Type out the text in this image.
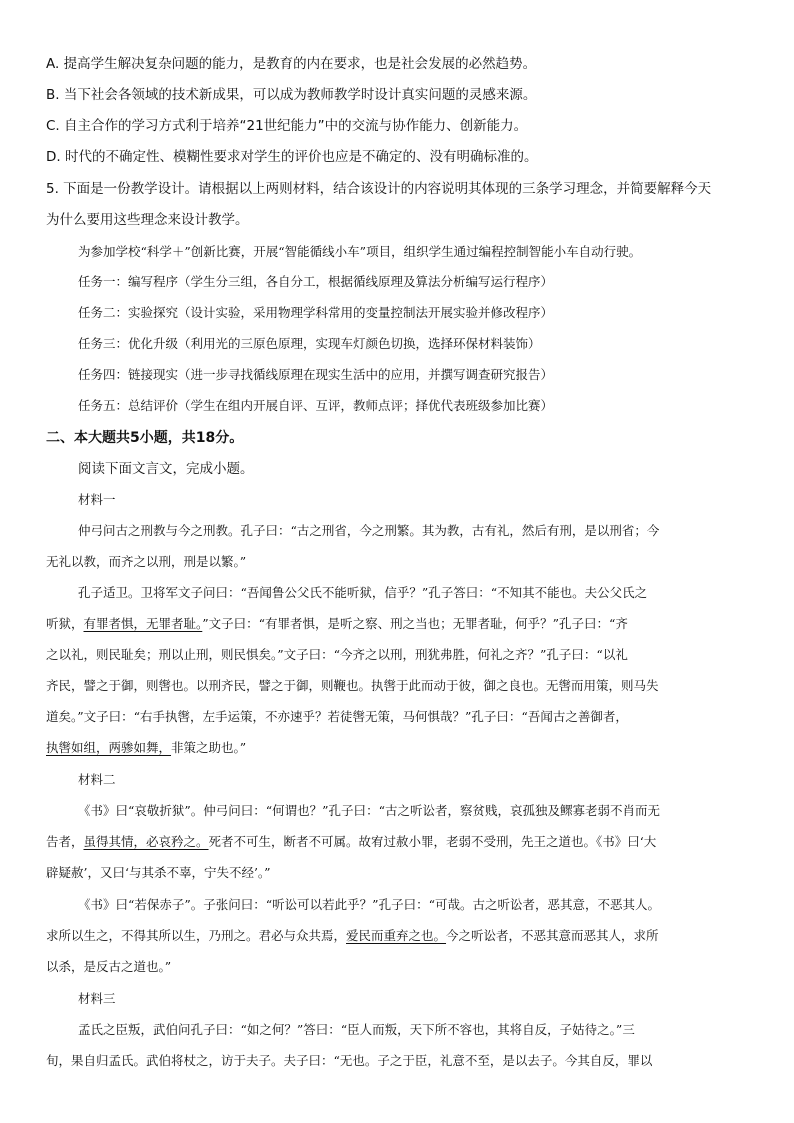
A. 提高学生解决复杂问题的能力，是教育的内在要求，也是社会发展的必然趋势。
B. 当下社会各领域的技术新成果，可以成为教师教学时设计真实问题的灵感来源。
C. 自主合作的学习方式利于培养“21世纪能力”中的交流与协作能力、创新能力。
D. 时代的不确定性、模糊性要求对学生的评价也应是不确定的、没有明确标准的。
5. 下面是一份教学设计。请根据以上两则材料，结合该设计的内容说明其体现的三条学习理念，并简要解释今天
为什么要用这些理念来设计教学。
为参加学校“科学＋”创新比赛，开展“智能循线小车”项目，组织学生通过编程控制智能小车自动行驶。
任务一：编写程序（学生分三组，各自分工，根据循线原理及算法分析编写运行程序）
任务二：实验探究（设计实验，采用物理学科常用的变量控制法开展实验并修改程序）
任务三：优化升级（利用光的三原色原理，实现车灯颜色切换，选择环保材料装饰）
任务四：链接现实（进一步寻找循线原理在现实生活中的应用，并撰写调查研究报告）
任务五：总结评价（学生在组内开展自评、互评，教师点评；择优代表班级参加比赛）
二、本大题共5小题，共18分。
阅读下面文言文，完成小题。
材料一
仲弓问古之刑教与今之刑教。孔子曰：“古之刑省，今之刑繁。其为教，古有礼，然后有刑，是以刑省；今
无礼以教，而齐之以刑，刑是以繁。”
孔子适卫。卫将军文子问曰：“吾闻鲁公父氏不能听狱，信乎？”孔子答曰：“不知其不能也。夫公父氏之
听狱，有罪者惧，无罪者耻。”文子曰：“有罪者惧，是听之察、刑之当也；无罪者耻，何乎？”孔子曰：“齐
之以礼，则民耻矣；刑以止刑，则民惧矣。”文子曰：“今齐之以刑，刑犹弗胜，何礼之齐？”孔子曰：“以礼
齐民，譬之于御，则辔也。以刑齐民，譬之于御，则鞭也。执辔于此而动于彼，御之良也。无辔而用策，则马失
道矣。”文子曰：“右手执辔，左手运策，不亦速乎？若徒辔无策，马何惧哉？”孔子曰：“吾闻古之善御者，
执辔如组，两骖如舞，非策之助也。”
材料二
《书》曰“哀敬折狱”。仲弓问曰：“何谓也？”孔子曰：“古之听讼者，察贫贱，哀孤独及鳏寡老弱不肖而无
告者，虽得其情，必哀矜之。死者不可生，断者不可属。故宥过赦小罪，老弱不受刑，先王之道也。《书》曰‘大
辟疑赦’，又曰‘与其杀不辜，宁失不经’。”
《书》曰“若保赤子”。子张问曰：“听讼可以若此乎？”孔子曰：“可哉。古之听讼者，恶其意，不恶其人。
求所以生之，不得其所以生，乃刑之。君必与众共焉，爱民而重弃之也。今之听讼者，不恶其意而恶其人，求所
以杀，是反古之道也。”
材料三
孟氏之臣叛，武伯问孔子曰：“如之何？”答曰：“臣人而叛，天下所不容也，其将自反，子姑待之。”三
旬，果自归孟氏。武伯将杖之，访于夫子。夫子曰：“无也。子之于臣，礼意不至，是以去子。今其自反，罪以
